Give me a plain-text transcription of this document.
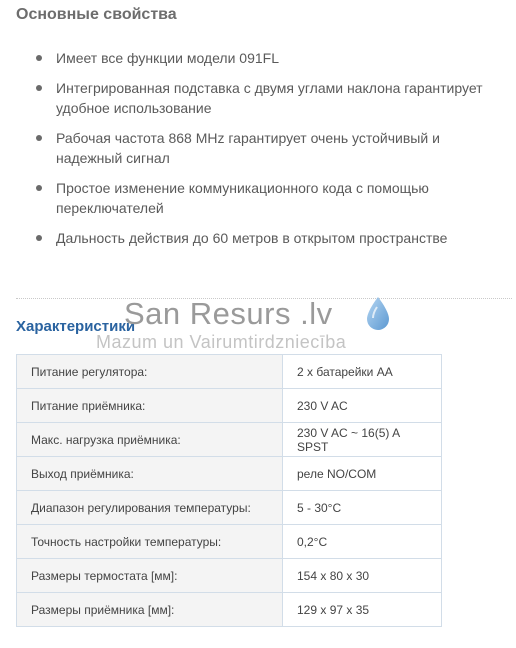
Основные свойства
Имеет все функции модели 091FL
Интегрированная подставка с двумя углами наклона гарантирует удобное использование
Рабочая частота 868 MHz гарантирует очень устойчивый и надежный сигнал
Простое изменение коммуникационного кода с помощью переключателей
Дальность действия до 60 метров в открытом пространстве
Характеристики
Питание регулятора:	2 x батарейки AA
Питание приёмника:	230 V AC
Макс. нагрузка приёмника:	230 V AC ~ 16(5) A SPST
Выход приёмника:	реле NO/COM
Диапазон регулирования температуры:	5 - 30°C
Точность настройки температуры:	0,2°C
Размеры термостата [мм]:	154 x 80 x 30
Размеры приёмника [мм]:	129 x 97 x 35
San Resurs .lv
Mazum un Vairumtirdzniecība
